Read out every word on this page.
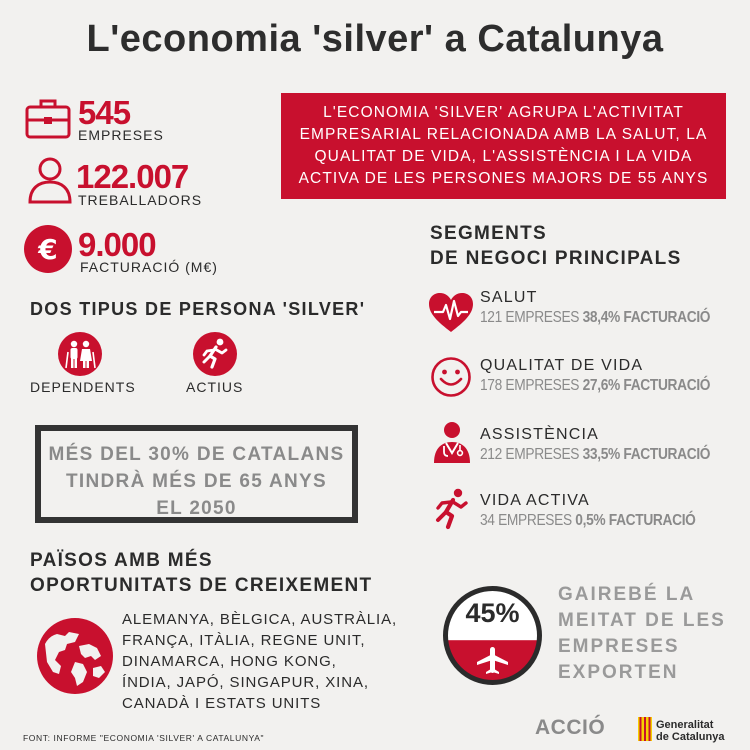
L'economia 'silver' a Catalunya
545
EMPRESES
122.007
TREBALLADORS
€ 9.000
FACTURACIÓ (M€)
L'ECONOMIA 'SILVER' AGRUPA L'ACTIVITAT
EMPRESARIAL RELACIONADA AMB LA SALUT, LA
QUALITAT DE VIDA, L'ASSISTÈNCIA I LA VIDA
ACTIVA DE LES PERSONES MAJORS DE 55 ANYS
DOS TIPUS DE PERSONA 'SILVER'
DEPENDENTS	ACTIUS
MÉS DEL 30% DE CATALANS
TINDRÀ MÉS DE 65 ANYS
EL 2050
SEGMENTS
DE NEGOCI PRINCIPALS
SALUT
121 EMPRESES 38,4% FACTURACIÓ
QUALITAT DE VIDA
178 EMPRESES 27,6% FACTURACIÓ
ASSISTÈNCIA
212 EMPRESES 33,5% FACTURACIÓ
VIDA ACTIVA
34 EMPRESES 0,5% FACTURACIÓ
PAÏSOS AMB MÉS
OPORTUNITATS DE CREIXEMENT
ALEMANYA, BÈLGICA, AUSTRÀLIA,
FRANÇA, ITÀLIA, REGNE UNIT,
DINAMARCA, HONG KONG,
ÍNDIA, JAPÓ, SINGAPUR, XINA,
CANADÀ I ESTATS UNITS
45%
GAIREBÉ LA
MEITAT DE LES
EMPRESES
EXPORTEN
FONT: INFORME "ECONOMIA 'SILVER' A CATALUNYA"	ACCIÓ	Generalitat
de Catalunya
